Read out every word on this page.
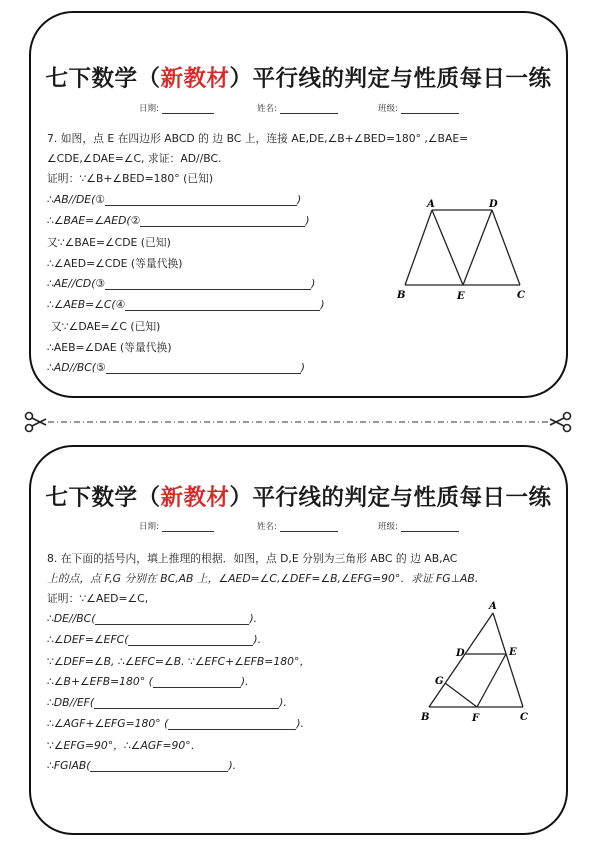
七下数学（新教材）平行线的判定与性质每日一练
日期:	姓名:	班级:
7. 如图，点 E 在四边形 ABCD 的 边 BC 上，连接 AE,DE,∠B+∠BED=180° ,∠BAE=
∠CDE,∠DAE=∠C, 求证：AD//BC.
证明：∵∠B+∠BED=180° (已知)
∴AB//DE(①	)
∴∠BAE=∠AED(②	)
又∵∠BAE=∠CDE (已知)
∴∠AED=∠CDE (等量代换)
∴AE//CD(③	)
∴∠AEB=∠C(④	)
又∵∠DAE=∠C (已知)
∴AEB=∠DAE (等量代换)
∴AD//BC(⑤	)
A	D
B	E	C
七下数学（新教材）平行线的判定与性质每日一练
日期:	姓名:	班级:
8. 在下面的括号内，填上推理的根据．如图，点 D,E 分别为三角形 ABC 的 边 AB,AC
上的点，点 F,G 分别在 BC,AB 上，∠AED=∠C,∠DEF=∠B,∠EFG=90°．求证 FG⊥AB.
证明：∵∠AED=∠C,
∴DE//BC(	).
∴∠DEF=∠EFC(	).
∵∠DEF=∠B, ∴∠EFC=∠B. ∵∠EFC+∠EFB=180°，
∴∠B+∠EFB=180° (	).
∴DB//EF(	).
∴∠AGF+∠EFG=180° (	).
∵∠EFG=90°，∴∠AGF=90°．
∴FGlAB(	).
A
D	E
G
B	F	C
